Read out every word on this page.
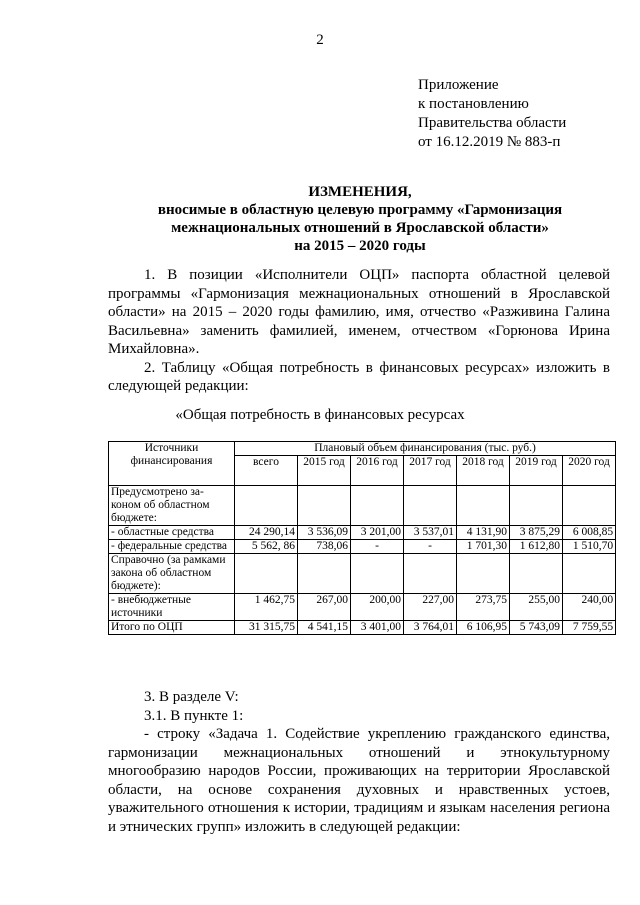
2
Приложение
к постановлению
Правительства области
от 16.12.2019 № 883-п
ИЗМЕНЕНИЯ,
вносимые в областную целевую программу «Гармонизация
межнациональных отношений в Ярославской области»
на 2015 – 2020 годы

1. В позиции «Исполнители ОЦП» паспорта областной целевой программы «Гармонизация межнациональных отношений в Ярославской области» на 2015 – 2020 годы фамилию, имя, отчество «Разживина Галина Васильевна» заменить фамилией, именем, отчеством «Горюнова Ирина Михайловна».

2. Таблицу «Общая потребность в финансовых ресурсах» изложить в следующей редакции:

«Общая потребность в финансовых ресурсах
Источники финансирования	Плановый объем финансирования (тыс. руб.)						
	всего	2015 год	2016 год	2017 год	2018 год	2019 год	2020 год
Предусмотрено за-конoм об областном бюджете:							
- областные средства	24 290,14	3 536,09	3 201,00	3 537,01	4 131,90	3 875,29	6 008,85
- федеральные средства	5 562, 86	738,06	-	-	1 701,30	1 612,80	1 510,70
Справочно (за рамками закона об областном бюджете):							
- внебюджетные источники	1 462,75	267,00	200,00	227,00	273,75	255,00	240,00
Итого по ОЦП	31 315,75	4 541,15	3 401,00	3 764,01	6 106,95	5 743,09	7 759,55

3. В разделе V:

3.1. В пункте 1:

- строку «Задача 1. Содействие укреплению гражданского единства, гармонизации межнациональных отношений и этнокультурному многообразию народов России, проживающих на территории Ярославской области, на основе сохранения духовных и нравственных устоев, уважительного отношения к истории, традициям и языкам населения региона и этнических групп» изложить в следующей редакции:
